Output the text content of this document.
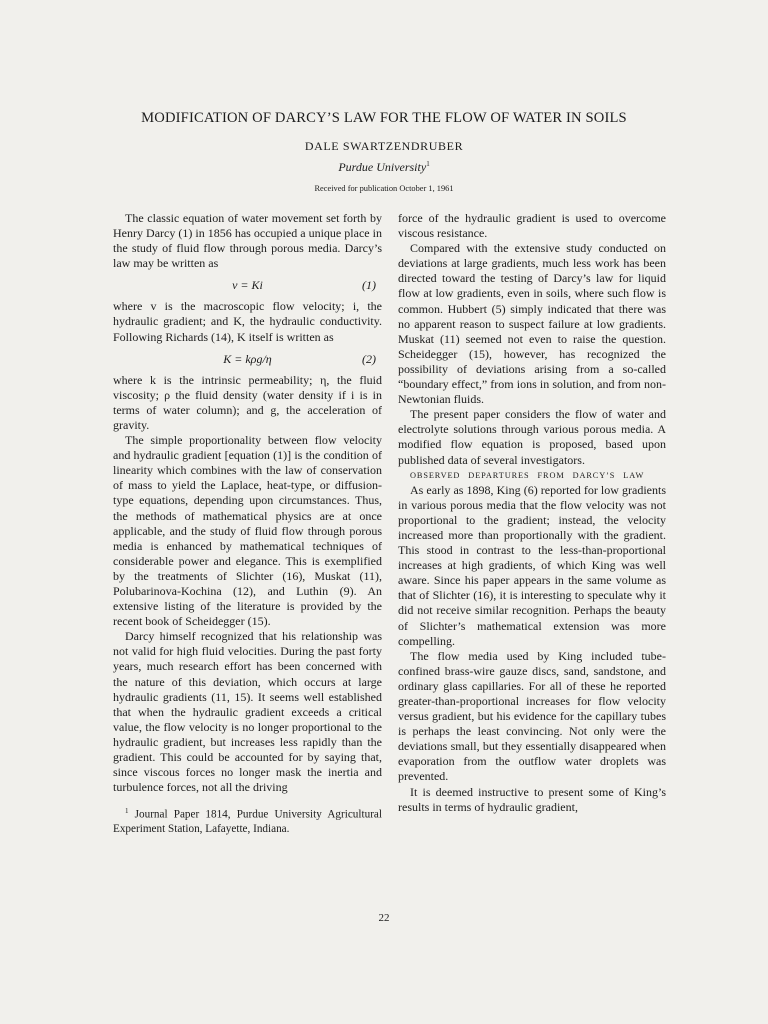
MODIFICATION OF DARCY’S LAW FOR THE FLOW OF WATER IN SOILS
DALE SWARTZENDRUBER
Purdue University$^1$
Received for publication October 1, 1961

The classic equation of water movement set forth by Henry Darcy (1) in 1856 has occupied a unique place in the study of fluid flow through porous media. Darcy’s law may be written as

v = Ki	(1)

where v is the macroscopic flow velocity; i, the hydraulic gradient; and K, the hydraulic conductivity. Following Richards (14), K itself is written as

K = kρg/η	(2)

where k is the intrinsic permeability; η, the fluid viscosity; ρ the fluid density (water density if i is in terms of water column); and g, the acceleration of gravity.

The simple proportionality between flow velocity and hydraulic gradient [equation (1)] is the condition of linearity which combines with the law of conservation of mass to yield the Laplace, heat-type, or diffusion-type equations, depending upon circumstances. Thus, the methods of mathematical physics are at once applicable, and the study of fluid flow through porous media is enhanced by mathematical techniques of considerable power and elegance. This is exemplified by the treatments of Slichter (16), Muskat (11), Polubarinova-Kochina (12), and Luthin (9). An extensive listing of the literature is provided by the recent book of Scheidegger (15).

Darcy himself recognized that his relationship was not valid for high fluid velocities. During the past forty years, much research effort has been concerned with the nature of this deviation, which occurs at large hydraulic gradients (11, 15). It seems well established that when the hydraulic gradient exceeds a critical value, the flow velocity is no longer proportional to the hydraulic gradient, but increases less rapidly than the gradient. This could be accounted for by saying that, since viscous forces no longer mask the inertia and turbulence forces, not all the driving

$^1$ Journal Paper 1814, Purdue University Agricultural Experiment Station, Lafayette, Indiana.

force of the hydraulic gradient is used to overcome viscous resistance.

Compared with the extensive study conducted on deviations at large gradients, much less work has been directed toward the testing of Darcy’s law for liquid flow at low gradients, even in soils, where such flow is common. Hubbert (5) simply indicated that there was no apparent reason to suspect failure at low gradients. Muskat (11) seemed not even to raise the question. Scheidegger (15), however, has recognized the possibility of deviations arising from a so-called “boundary effect,” from ions in solution, and from non-Newtonian fluids.

The present paper considers the flow of water and electrolyte solutions through various porous media. A modified flow equation is proposed, based upon published data of several investigators.

OBSERVED DEPARTURES FROM DARCY’S LAW

As early as 1898, King (6) reported for low gradients in various porous media that the flow velocity was not proportional to the gradient; instead, the velocity increased more than proportionally with the gradient. This stood in contrast to the less-than-proportional increases at high gradients, of which King was well aware. Since his paper appears in the same volume as that of Slichter (16), it is interesting to speculate why it did not receive similar recognition. Perhaps the beauty of Slichter’s mathematical extension was more compelling.

The flow media used by King included tube-confined brass-wire gauze discs, sand, sandstone, and ordinary glass capillaries. For all of these he reported greater-than-proportional increases for flow velocity versus gradient, but his evidence for the capillary tubes is perhaps the least convincing. Not only were the deviations small, but they essentially disappeared when evaporation from the outflow water droplets was prevented.

It is deemed instructive to present some of King’s results in terms of hydraulic gradient,

22
